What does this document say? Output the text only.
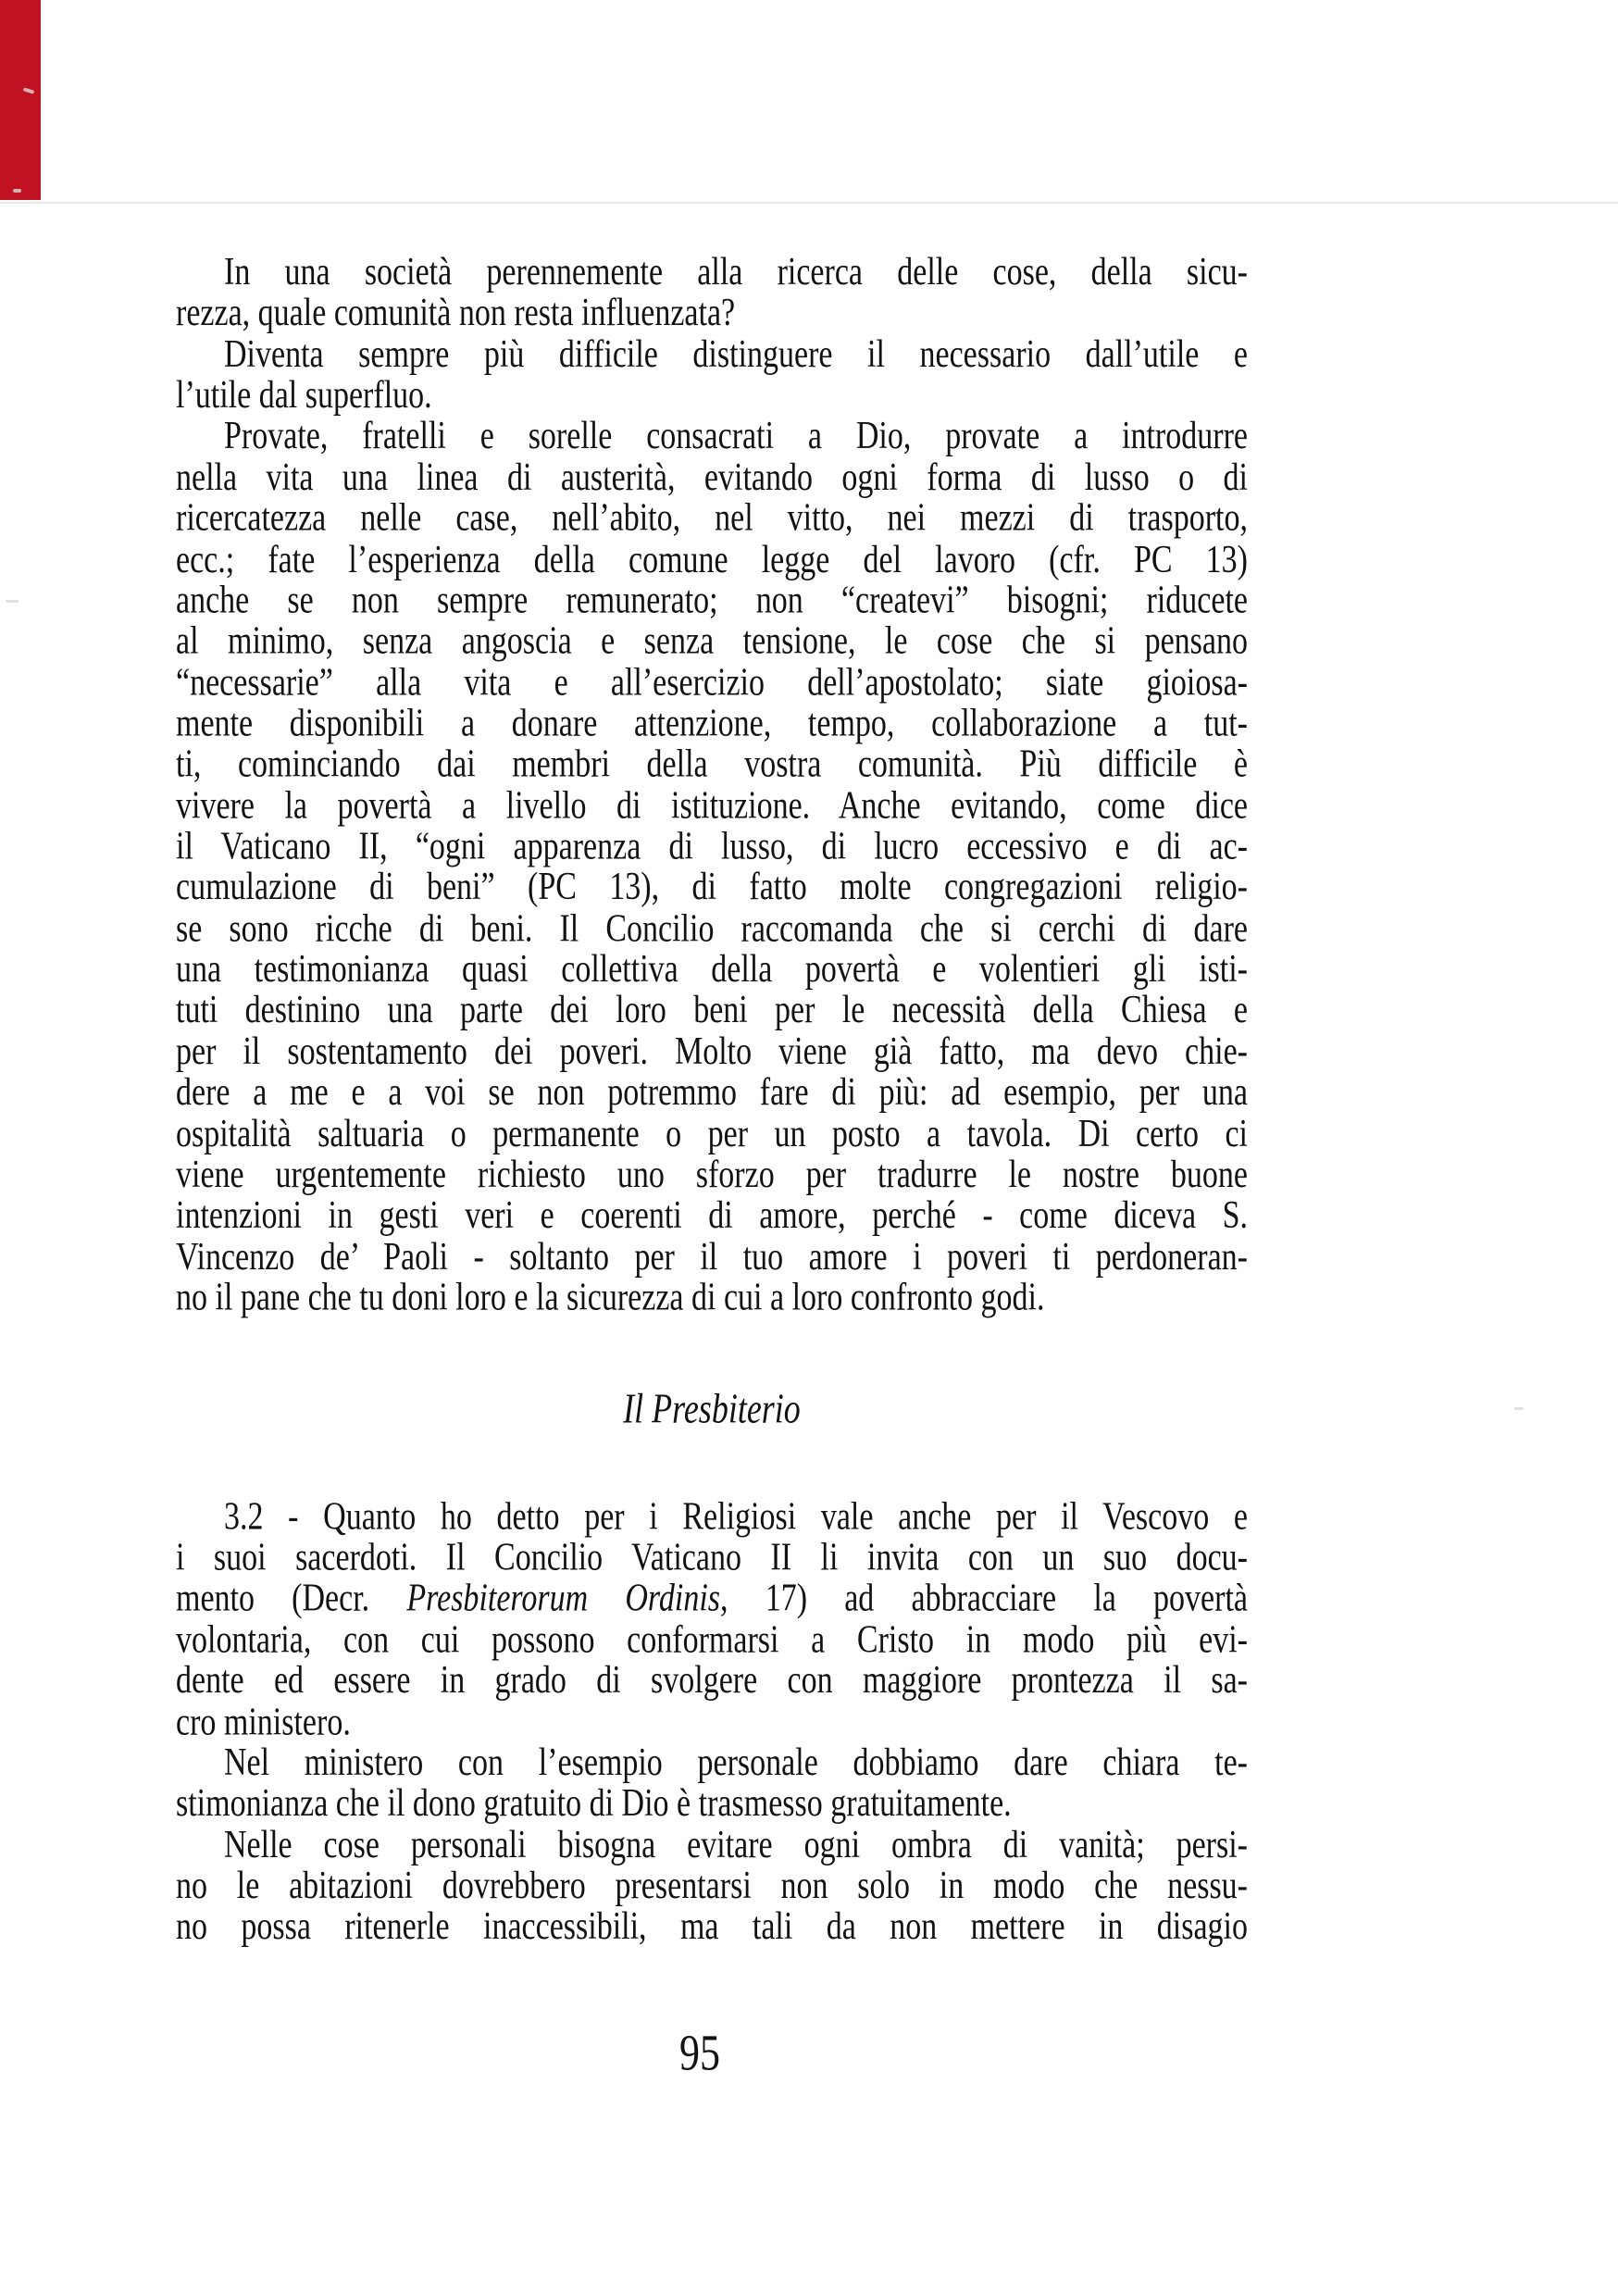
In una società perennemente alla ricerca delle cose, della sicu-
rezza, quale comunità non resta influenzata?
Diventa sempre più difficile distinguere il necessario dall’utile e
l’utile dal superfluo.
Provate, fratelli e sorelle consacrati a Dio, provate a introdurre
nella vita una linea di austerità, evitando ogni forma di lusso o di
ricercatezza nelle case, nell’abito, nel vitto, nei mezzi di trasporto,
ecc.; fate l’esperienza della comune legge del lavoro (cfr. PC 13)
anche se non sempre remunerato; non “createvi” bisogni; riducete
al minimo, senza angoscia e senza tensione, le cose che si pensano
“necessarie” alla vita e all’esercizio dell’apostolato; siate gioiosa-
mente disponibili a donare attenzione, tempo, collaborazione a tut-
ti, cominciando dai membri della vostra comunità. Più difficile è
vivere la povertà a livello di istituzione. Anche evitando, come dice
il Vaticano II, “ogni apparenza di lusso, di lucro eccessivo e di ac-
cumulazione di beni” (PC 13), di fatto molte congregazioni religio-
se sono ricche di beni. Il Concilio raccomanda che si cerchi di dare
una testimonianza quasi collettiva della povertà e volentieri gli isti-
tuti destinino una parte dei loro beni per le necessità della Chiesa e
per il sostentamento dei poveri. Molto viene già fatto, ma devo chie-
dere a me e a voi se non potremmo fare di più: ad esempio, per una
ospitalità saltuaria o permanente o per un posto a tavola. Di certo ci
viene urgentemente richiesto uno sforzo per tradurre le nostre buone
intenzioni in gesti veri e coerenti di amore, perché - come diceva S.
Vincenzo de’ Paoli - soltanto per il tuo amore i poveri ti perdoneran-
no il pane che tu doni loro e la sicurezza di cui a loro confronto godi.
Il Presbiterio
3.2 - Quanto ho detto per i Religiosi vale anche per il Vescovo e
i suoi sacerdoti. Il Concilio Vaticano II li invita con un suo docu-
mento (Decr. Presbiterorum Ordinis, 17) ad abbracciare la povertà
volontaria, con cui possono conformarsi a Cristo in modo più evi-
dente ed essere in grado di svolgere con maggiore prontezza il sa-
cro ministero.
Nel ministero con l’esempio personale dobbiamo dare chiara te-
stimonianza che il dono gratuito di Dio è trasmesso gratuitamente.
Nelle cose personali bisogna evitare ogni ombra di vanità; persi-
no le abitazioni dovrebbero presentarsi non solo in modo che nessu-
no possa ritenerle inaccessibili, ma tali da non mettere in disagio
95
